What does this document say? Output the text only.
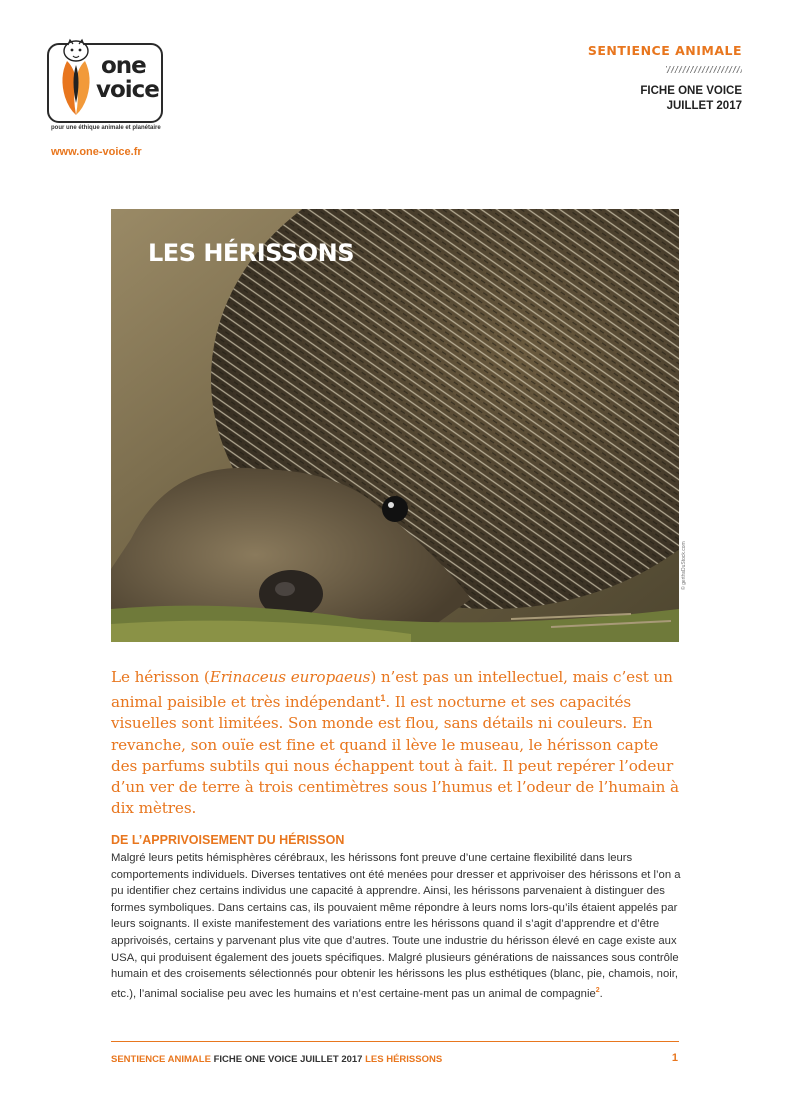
one
voice
pour une éthique animale et planétaire
www.one-voice.fr
SENTIENCE ANIMALE
FICHE ONE VOICE
JUILLET 2017
LES HÉRISSONS
© gerthsDuStock.com
Le hérisson (Erinaceus europaeus) n’est pas un intellectuel, mais c’est un animal paisible et très indépendant$^1$. Il est nocturne et ses capacités visuelles sont limitées. Son monde est flou, sans détails ni couleurs. En revanche, son ouïe est fine et quand il lève le museau, le hérisson capte des parfums subtils qui nous échappent tout à fait. Il peut repérer l’odeur d’un ver de terre à trois centimètres sous l’humus et l’odeur de l’humain à dix mètres.
DE L’APPRIVOISEMENT DU HÉRISSON
Malgré leurs petits hémisphères cérébraux, les hérissons font preuve d’une certaine flexibilité dans leurs comportements individuels. Diverses tentatives ont été menées pour dresser et apprivoiser des hérissons et l’on a pu identifier chez certains individus une capacité à apprendre. Ainsi, les hérissons parvenaient à distinguer des formes symboliques. Dans certains cas, ils pouvaient même répondre à leurs noms lors-qu’ils étaient appelés par leurs soignants. Il existe manifestement des variations entre les hérissons quand il s’agit d’apprendre et d’être apprivoisés, certains y parvenant plus vite que d’autres. Toute une industrie du hérisson élevé en cage existe aux USA, qui produisent également des jouets spécifiques. Malgré plusieurs générations de naissances sous contrôle humain et des croisements sélectionnés pour obtenir les hérissons les plus esthétiques (blanc, pie, chamois, noir, etc.), l’animal socialise peu avec les humains et n’est certaine-ment pas un animal de compagnie$^2$.
SENTIENCE ANIMALE FICHE ONE VOICE JUILLET 2017 LES HÉRISSONS	1
